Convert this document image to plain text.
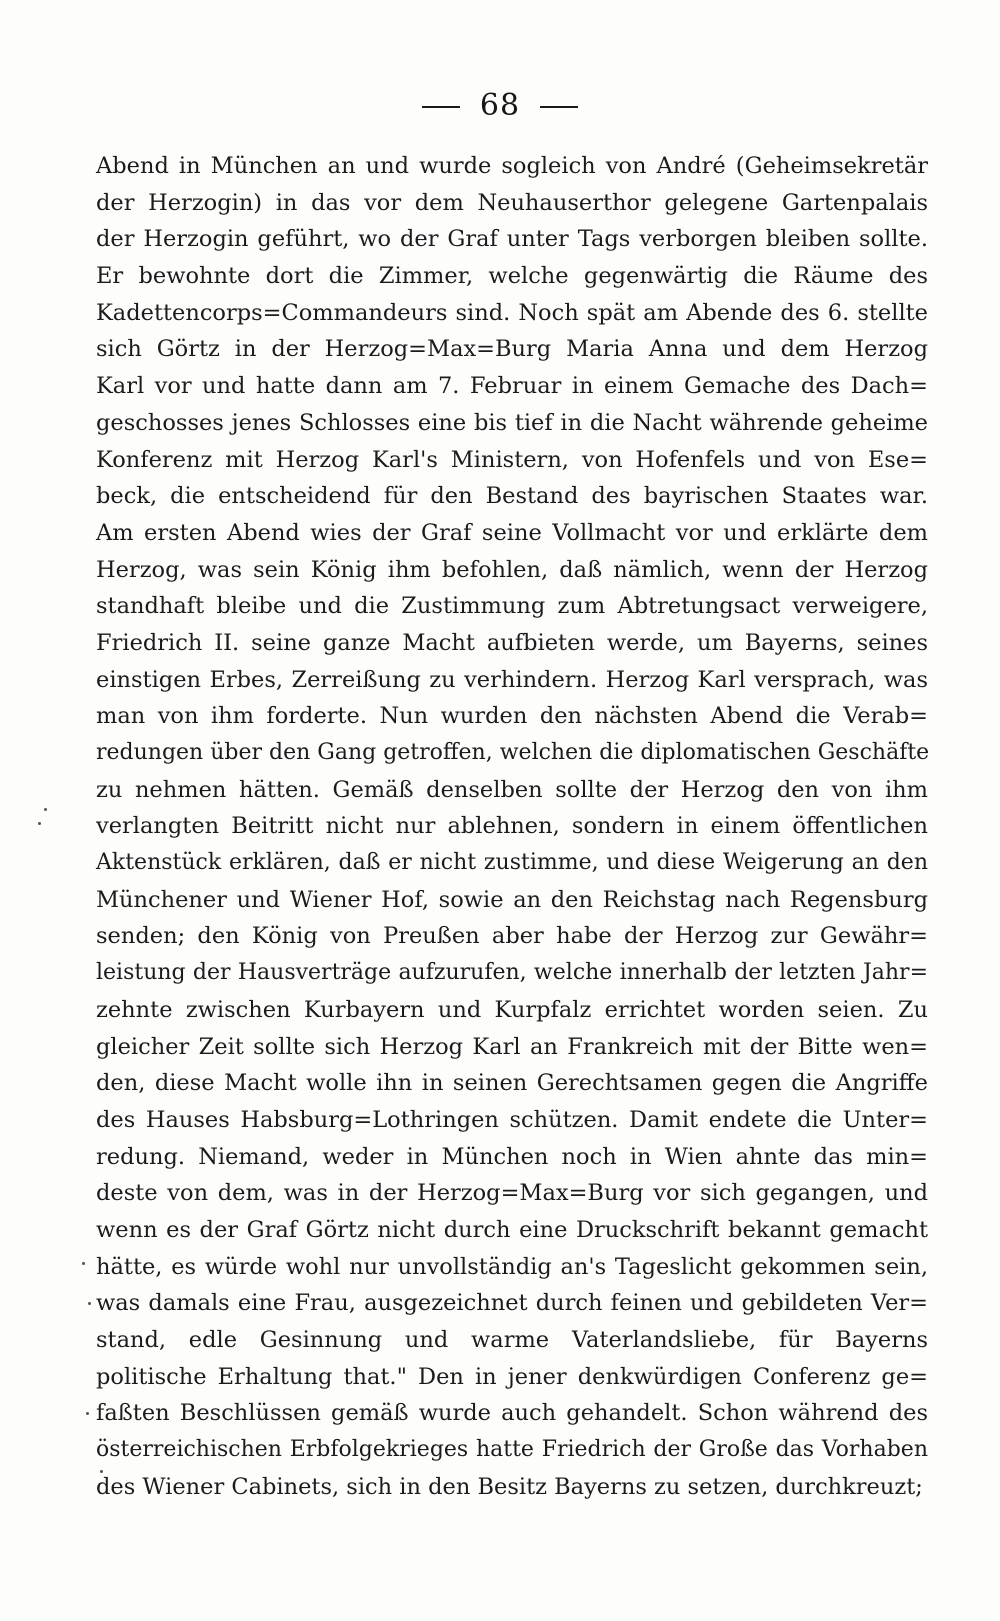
68
Abend in München an und wurde sogleich von André (Geheimsekretär
der Herzogin) in das vor dem Neuhauserthor gelegene Gartenpalais
der Herzogin geführt, wo der Graf unter Tags verborgen bleiben sollte.
Er bewohnte dort die Zimmer, welche gegenwärtig die Räume des
Kadettencorps=Commandeurs sind. Noch spät am Abende des 6. stellte
sich Görtz in der Herzog=Max=Burg Maria Anna und dem Herzog
Karl vor und hatte dann am 7. Februar in einem Gemache des Dach=
geschosses jenes Schlosses eine bis tief in die Nacht währende geheime
Konferenz mit Herzog Karl's Ministern, von Hofenfels und von Ese=
beck, die entscheidend für den Bestand des bayrischen Staates war.
Am ersten Abend wies der Graf seine Vollmacht vor und erklärte dem
Herzog, was sein König ihm befohlen, daß nämlich, wenn der Herzog
standhaft bleibe und die Zustimmung zum Abtretungsact verweigere,
Friedrich II. seine ganze Macht aufbieten werde, um Bayerns, seines
einstigen Erbes, Zerreißung zu verhindern. Herzog Karl versprach, was
man von ihm forderte. Nun wurden den nächsten Abend die Verab=
redungen über den Gang getroffen, welchen die diplomatischen Geschäfte
zu nehmen hätten. Gemäß denselben sollte der Herzog den von ihm
verlangten Beitritt nicht nur ablehnen, sondern in einem öffentlichen
Aktenstück erklären, daß er nicht zustimme, und diese Weigerung an den
Münchener und Wiener Hof, sowie an den Reichstag nach Regensburg
senden; den König von Preußen aber habe der Herzog zur Gewähr=
leistung der Hausverträge aufzurufen, welche innerhalb der letzten Jahr=
zehnte zwischen Kurbayern und Kurpfalz errichtet worden seien. Zu
gleicher Zeit sollte sich Herzog Karl an Frankreich mit der Bitte wen=
den, diese Macht wolle ihn in seinen Gerechtsamen gegen die Angriffe
des Hauses Habsburg=Lothringen schützen. Damit endete die Unter=
redung. Niemand, weder in München noch in Wien ahnte das min=
deste von dem, was in der Herzog=Max=Burg vor sich gegangen, und
wenn es der Graf Görtz nicht durch eine Druckschrift bekannt gemacht
hätte, es würde wohl nur unvollständig an's Tageslicht gekommen sein,
was damals eine Frau, ausgezeichnet durch feinen und gebildeten Ver=
stand, edle Gesinnung und warme Vaterlandsliebe, für Bayerns
politische Erhaltung that." Den in jener denkwürdigen Conferenz ge=
faßten Beschlüssen gemäß wurde auch gehandelt. Schon während des
österreichischen Erbfolgekrieges hatte Friedrich der Große das Vorhaben
des Wiener Cabinets, sich in den Besitz Bayerns zu setzen, durchkreuzt;
